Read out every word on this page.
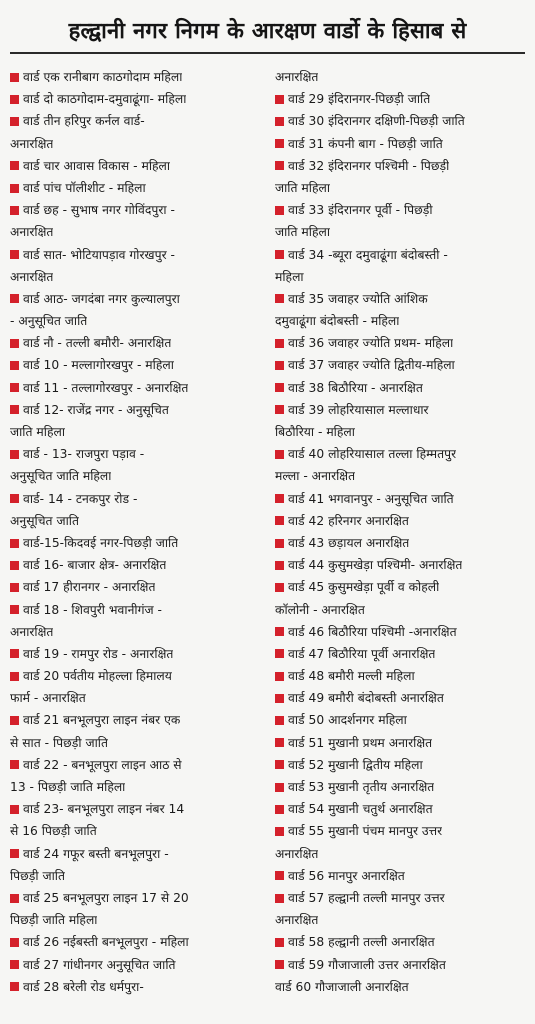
हल्द्वानी नगर निगम के आरक्षण वार्डो के हिसाब से
वार्ड एक रानीबाग काठगोदाम महिला
वार्ड दो काठगोदाम-दमुवाढूंगा- महिला
वार्ड तीन हरिपुर कर्नल वार्ड-
अनारक्षित
वार्ड चार आवास विकास - महिला
वार्ड पांच पॉलीशीट - महिला
वार्ड छह - सुभाष नगर गोविंदपुरा -
अनारक्षित
वार्ड सात- भोटियापड़ाव गोरखपुर -
अनारक्षित
वार्ड आठ- जगदंबा नगर कुल्यालपुरा
- अनुसूचित जाति
वार्ड नौ - तल्ली बमौरी- अनारक्षित
वार्ड 10 - मल्लागोरखपुर - महिला
वार्ड 11 - तल्लागोरखपुर - अनारक्षित
वार्ड 12- राजेंद्र नगर - अनुसूचित
जाति महिला
वार्ड - 13- राजपुरा पड़ाव -
अनुसूचित जाति महिला
वार्ड- 14 - टनकपुर रोड -
अनुसूचित जाति
वार्ड-15-किदवई नगर-पिछड़ी जाति
वार्ड 16- बाजार क्षेत्र- अनारक्षित
वार्ड 17 हीरानगर - अनारक्षित
वार्ड 18 - शिवपुरी भवानीगंज -
अनारक्षित
वार्ड 19 - रामपुर रोड - अनारक्षित
वार्ड 20 पर्वतीय मोहल्ला हिमालय
फार्म - अनारक्षित
वार्ड 21 बनभूलपुरा लाइन नंबर एक
से सात - पिछड़ी जाति
वार्ड 22 - बनभूलपुरा लाइन आठ से
13 - पिछड़ी जाति महिला
वार्ड 23- बनभूलपुरा लाइन नंबर 14
से 16 पिछड़ी जाति
वार्ड 24 गफूर बस्ती बनभूलपुरा -
पिछड़ी जाति
वार्ड 25 बनभूलपुरा लाइन 17 से 20
पिछड़ी जाति महिला
वार्ड 26 नईबस्ती बनभूलपुरा - महिला
वार्ड 27 गांधीनगर अनुसूचित जाति
वार्ड 28 बरेली रोड धर्मपुरा-
अनारक्षित
वार्ड 29 इंदिरानगर-पिछड़ी जाति
वार्ड 30 इंदिरानगर दक्षिणी-पिछड़ी जाति
वार्ड 31 कंपनी बाग - पिछड़ी जाति
वार्ड 32 इंदिरानगर पश्चिमी - पिछड़ी
जाति महिला
वार्ड 33 इंदिरानगर पूर्वी - पिछड़ी
जाति महिला
वार्ड 34 -ब्यूरा दमुवाढूंगा बंदोबस्ती -
महिला
वार्ड 35 जवाहर ज्योति आंशिक
दमुवाढूंगा बंदोबस्ती - महिला
वार्ड 36 जवाहर ज्योति प्रथम- महिला
वार्ड 37 जवाहर ज्योति द्वितीय-महिला
वार्ड 38 बिठौरिया - अनारक्षित
वार्ड 39 लोहरियासाल मल्लाधार
बिठौरिया - महिला
वार्ड 40 लोहरियासाल तल्ला हिम्मतपुर
मल्ला - अनारक्षित
वार्ड 41 भगवानपुर - अनुसूचित जाति
वार्ड 42 हरिनगर अनारक्षित
वार्ड 43 छड़ायल अनारक्षित
वार्ड 44 कुसुमखेड़ा पश्चिमी- अनारक्षित
वार्ड 45 कुसुमखेड़ा पूर्वी व कोहली
कॉलोनी - अनारक्षित
वार्ड 46 बिठौरिया पश्चिमी -अनारक्षित
वार्ड 47 बिठौरिया पूर्वी अनारक्षित
वार्ड 48 बमौरी मल्ली महिला
वार्ड 49 बमौरी बंदोबस्ती अनारक्षित
वार्ड 50 आदर्शनगर महिला
वार्ड 51 मुखानी प्रथम अनारक्षित
वार्ड 52 मुखानी द्वितीय महिला
वार्ड 53 मुखानी तृतीय अनारक्षित
वार्ड 54 मुखानी चतुर्थ अनारक्षित
वार्ड 55 मुखानी पंचम मानपुर उत्तर
अनारक्षित
वार्ड 56 मानपुर अनारक्षित
वार्ड 57 हल्द्वानी तल्ली मानपुर उत्तर
अनारक्षित
वार्ड 58 हल्द्वानी तल्ली अनारक्षित
वार्ड 59 गौजाजाली उत्तर अनारक्षित
वार्ड 60 गौजाजाली अनारक्षित
